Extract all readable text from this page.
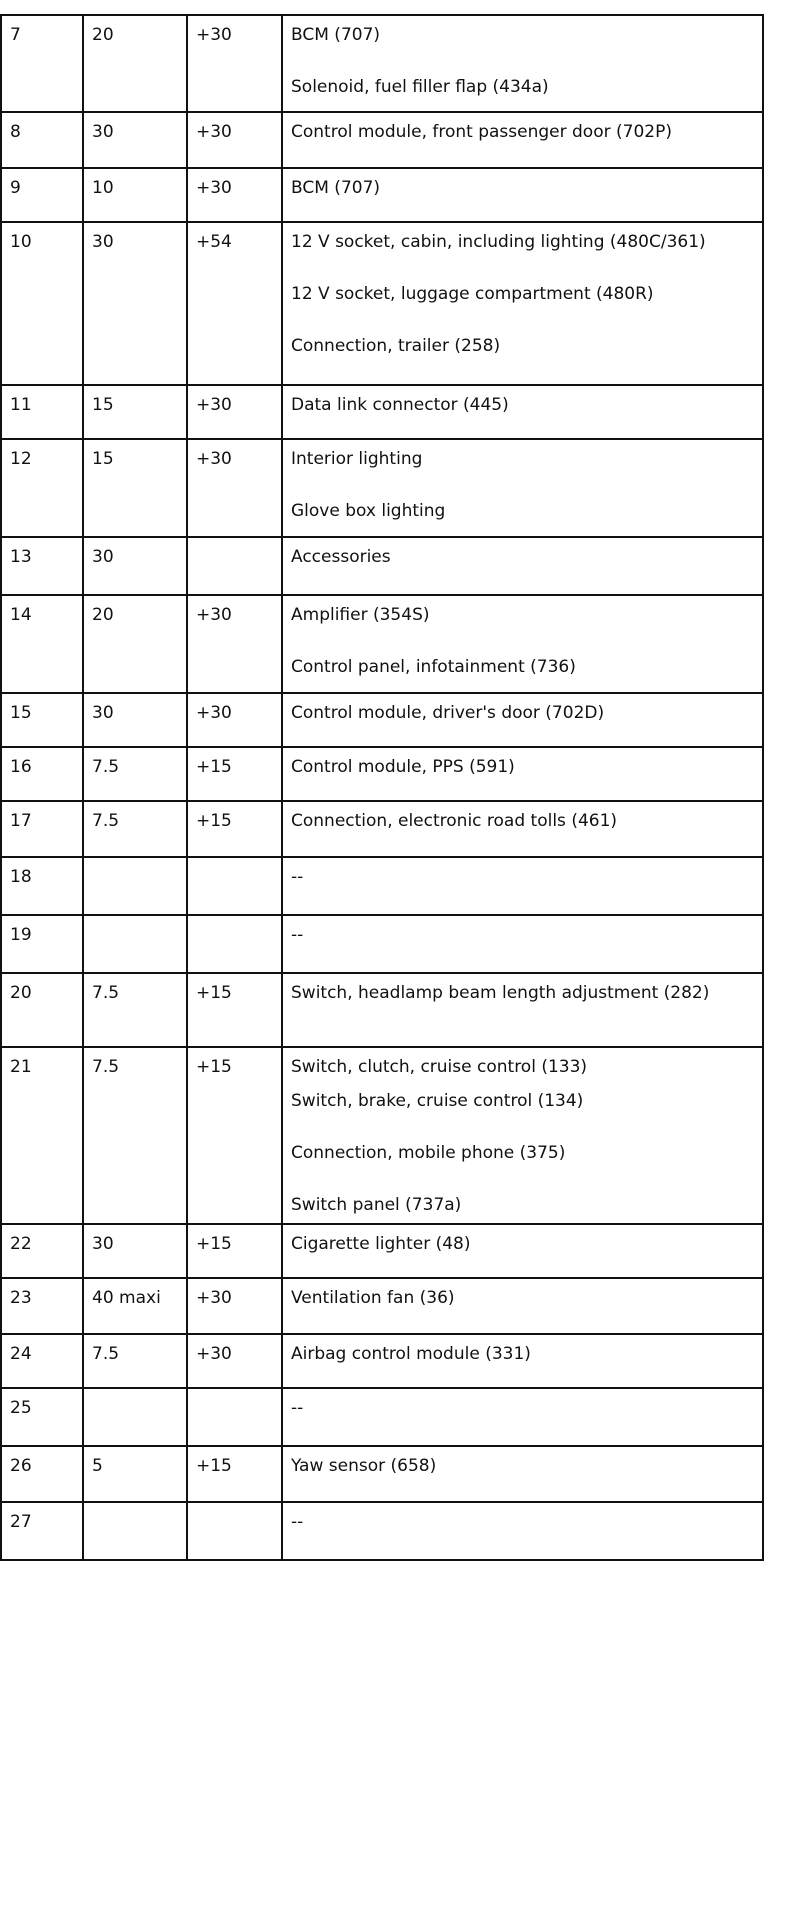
7	20	+30	BCM (707)
Solenoid, fuel filler flap (434a)

8	30	+30	Control module, front passenger door (702P)

9	10	+30	BCM (707)

10	30	+54	12 V socket, cabin, including lighting (480C/361)
12 V socket, luggage compartment (480R)
Connection, trailer (258)

11	15	+30	Data link connector (445)

12	15	+30	Interior lighting
Glove box lighting

13	30		Accessories

14	20	+30	Amplifier (354S)
Control panel, infotainment (736)

15	30	+30	Control module, driver's door (702D)

16	7.5	+15	Control module, PPS (591)

17	7.5	+15	Connection, electronic road tolls (461)

18			--

19			--

20	7.5	+15	Switch, headlamp beam length adjustment (282)

21	7.5	+15	Switch, clutch, cruise control (133)
Switch, brake, cruise control (134)
Connection, mobile phone (375)
Switch panel (737a)

22	30	+15	Cigarette lighter (48)

23	40 maxi	+30	Ventilation fan (36)

24	7.5	+30	Airbag control module (331)

25			--

26	5	+15	Yaw sensor (658)

27			--
